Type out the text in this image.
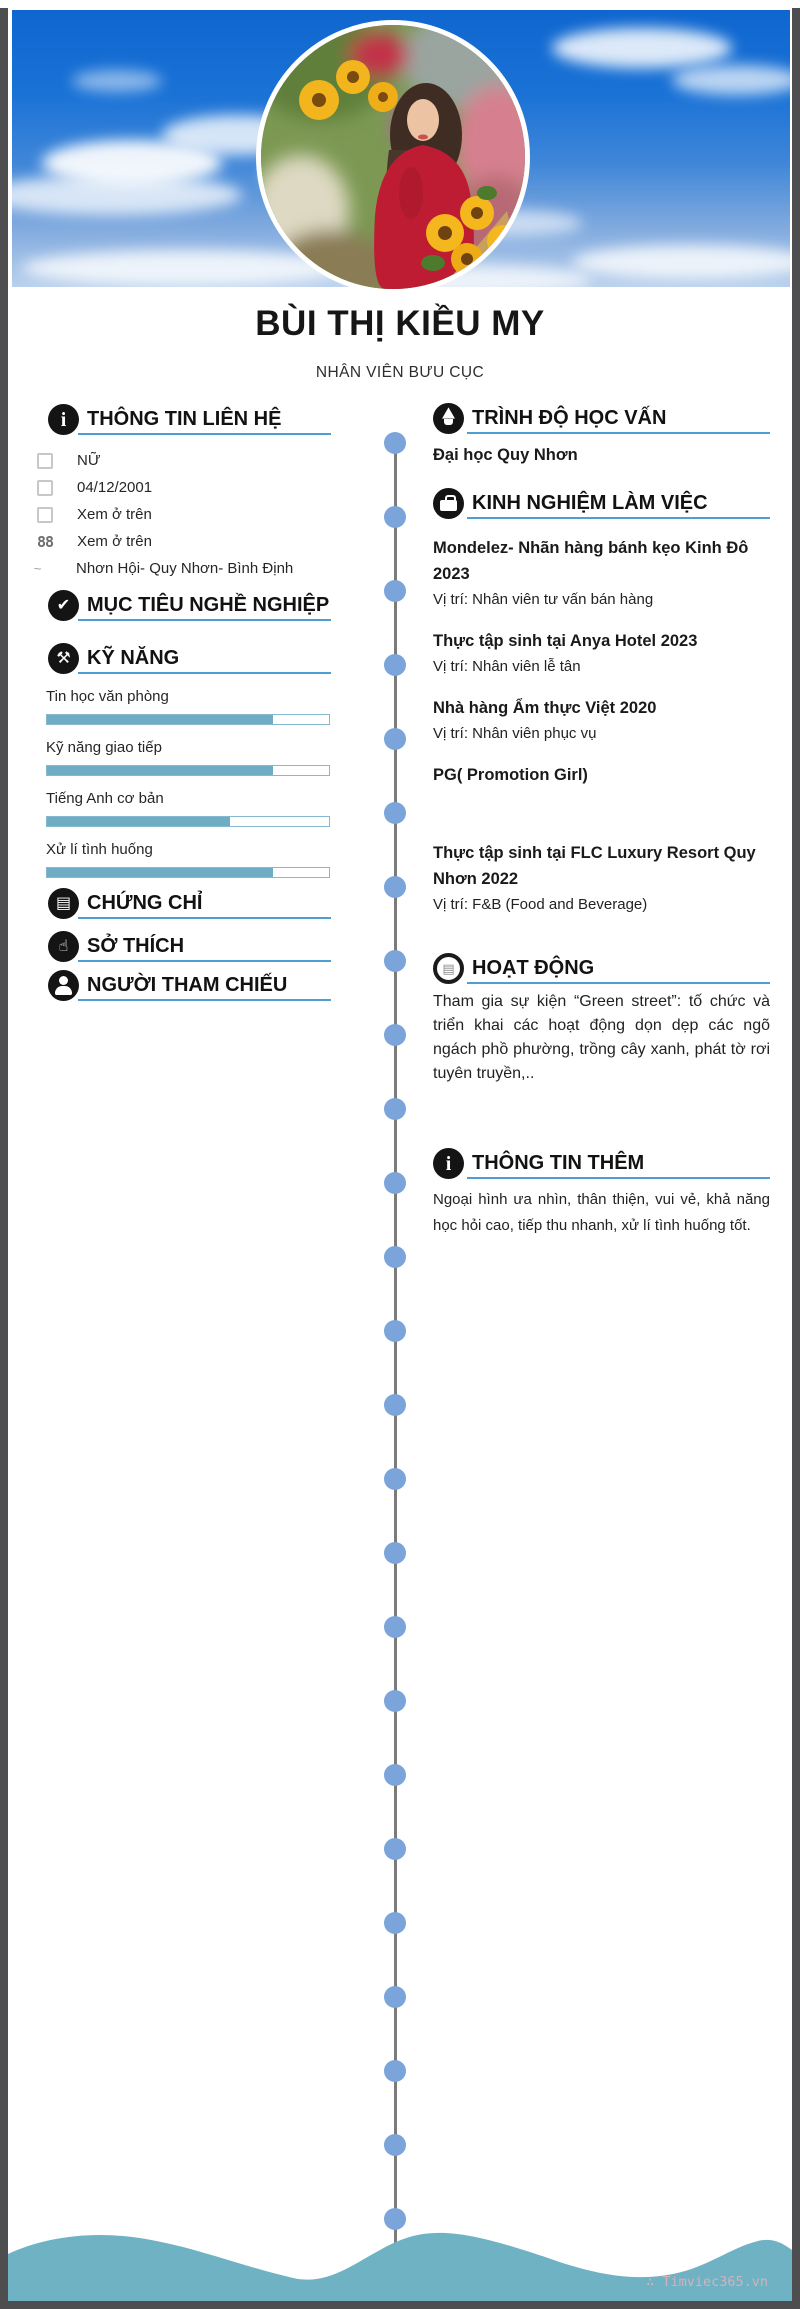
BÙI THỊ KIỀU MY
NHÂN VIÊN BƯU CỤC
i	THÔNG TIN LIÊN HỆ
NỮ
04/12/2001
Xem ở trên
88 Xem ở trên
~ Nhơn Hội- Quy Nhơn- Bình Định
✔ MỤC TIÊU NGHỀ NGHIỆP

⚒ KỸ NĂNG
Tin học văn phòng
Kỹ năng giao tiếp
Tiếng Anh cơ bản
Xử lí tình huống
▤ CHỨNG CHỈ
☝ SỞ THÍCH
NGƯỜI THAM CHIẾU
TRÌNH ĐỘ HỌC VẤN
Đại học Quy Nhơn
KINH NGHIỆM LÀM VIỆC
Mondelez- Nhãn hàng bánh kẹo Kinh Đô 2023
Vị trí: Nhân viên tư vấn bán hàng

Thực tập sinh tại Anya Hotel 2023
Vị trí: Nhân viên lễ tân

Nhà hàng Ẩm thực Việt 2020
Vị trí: Nhân viên phục vụ

PG( Promotion Girl)

Thực tập sinh tại FLC Luxury Resort Quy Nhơn 2022
Vị trí: F&B (Food and Beverage)

▤ HOẠT ĐỘNG
Tham gia sự kiện “Green street”: tố chức và triển khai các hoạt động dọn dẹp các ngõ ngách phồ phường, trồng cây xanh, phát tờ rơi tuyên truyền,..
i	THÔNG TIN THÊM
Ngoại hình ưa nhìn, thân thiện, vui vẻ, khả năng học hỏi cao, tiếp thu nhanh, xử lí tình huống tốt.
∴ Timviec365.vn
